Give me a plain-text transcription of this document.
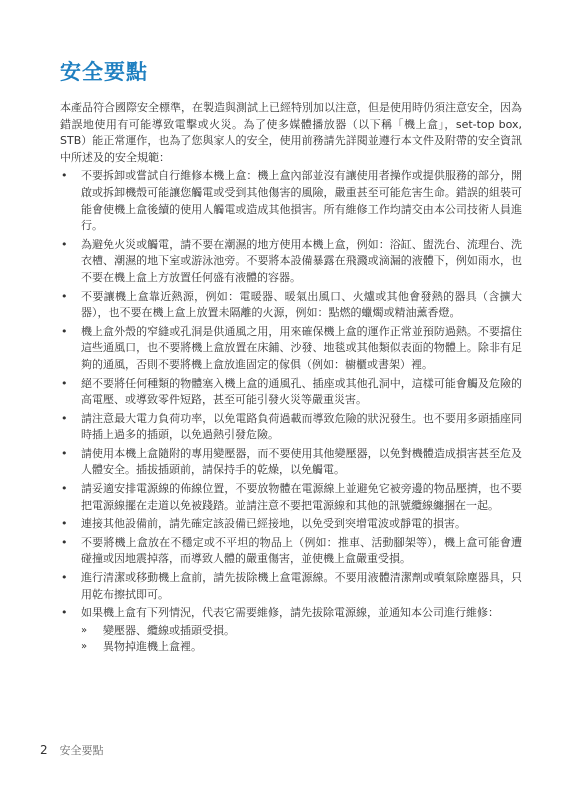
安全要點

本產品符合國際安全標準，在製造與測試上已經特別加以注意，但是使用時仍須注意安全，因為錯誤地使用有可能導致電擊或火災。為了使多媒體播放器（以下稱「機上盒」，set-top box, STB）能正常運作，也為了您與家人的安全，使用前務請先詳閱並遵行本文件及附帶的安全資訊中所述及的安全規範：

• 不要拆卸或嘗試自行維修本機上盒：機上盒內部並沒有讓使用者操作或提供服務的部分，開啟或拆卸機殼可能讓您觸電或受到其他傷害的風險，嚴重甚至可能危害生命。錯誤的組裝可能會使機上盒後續的使用人觸電或造成其他損害。所有維修工作均請交由本公司技術人員進行。
• 為避免火災或觸電，請不要在潮濕的地方使用本機上盒，例如：浴缸、盥洗台、流理台、洗衣槽、潮濕的地下室或游泳池旁。不要將本設備暴露在飛濺或滴漏的液體下，例如雨水，也不要在機上盒上方放置任何盛有液體的容器。
• 不要讓機上盒靠近熱源，例如：電暖器、暖氣出風口、火爐或其他會發熱的器具（含擴大器），也不要在機上盒上放置未隔離的火源，例如：點燃的蠟燭或精油薰香燈。
• 機上盒外殼的窄縫或孔洞是供通風之用，用來確保機上盒的運作正常並預防過熱。不要擋住這些通風口，也不要將機上盒放置在床鋪、沙發、地毯或其他類似表面的物體上。除非有足夠的通風，否則不要將機上盒放進固定的傢俱（例如：櫥櫃或書架）裡。
• 絕不要將任何種類的物體塞入機上盒的通風孔、插座或其他孔洞中，這樣可能會觸及危險的高電壓、或導致零件短路，甚至可能引發火災等嚴重災害。
• 請注意最大電力負荷功率，以免電路負荷過載而導致危險的狀況發生。也不要用多頭插座同時插上過多的插頭，以免過熱引發危險。
• 請使用本機上盒隨附的專用變壓器，而不要使用其他變壓器，以免對機體造成損害甚至危及人體安全。插拔插頭前，請保持手的乾燥，以免觸電。
• 請妥適安排電源線的佈線位置，不要放物體在電源線上並避免它被旁邊的物品壓擠，也不要把電源線擺在走道以免被踐踏。並請注意不要把電源線和其他的訊號纜線纏捆在一起。
• 連接其他設備前，請先確定該設備已經接地，以免受到突增電波或靜電的損害。
• 不要將機上盒放在不穩定或不平坦的物品上（例如：推車、活動腳架等），機上盒可能會遭碰撞或因地震掉落，而導致人體的嚴重傷害，並使機上盒嚴重受損。
• 進行清潔或移動機上盒前，請先拔除機上盒電源線。不要用液體清潔劑或噴氣除塵器具，只用乾布擦拭即可。
• 如果機上盒有下列情況，代表它需要維修，請先拔除電源線，並通知本公司進行維修：
» 變壓器、纜線或插頭受損。
» 異物掉進機上盒裡。
2 安全要點
